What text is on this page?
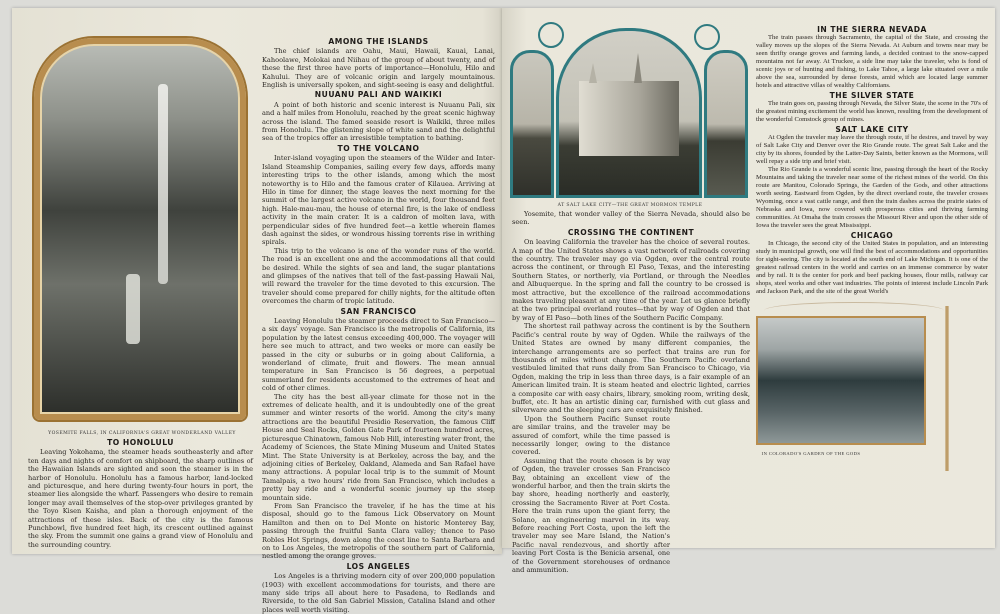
YOSEMITE FALLS, IN CALIFORNIA'S GREAT WONDERLAND VALLEY
TO HONOLULU

Leaving Yokohama, the steamer heads southeasterly and after ten days and nights of comfort on shipboard, the sharp outlines of the Hawaiian Islands are sighted and soon the steamer is in the harbor of Honolulu. Honolulu has a famous harbor, land-locked and picturesque, and here during twenty-four hours in port, the steamer lies alongside the wharf. Passengers who desire to remain longer may avail themselves of the stop-over privileges granted by the Toyo Kisen Kaisha, and plan a thorough enjoyment of the attractions of these isles. Back of the city is the famous Punchbowl, five hundred feet high, its crescent outlined against the sky. From the summit one gains a grand view of Honolulu and the surrounding country.

AMONG THE ISLANDS

The chief islands are Oahu, Maui, Hawaii, Kauai, Lanai, Kahoolawe, Molokai and Niihau of the group of about twenty, and of these the first three have ports of importance—Honolulu, Hilo and Kahului. They are of volcanic origin and largely mountainous. English is universally spoken, and sight-seeing is easy and delightful.

NUUANU PALI AND WAIKIKI

A point of both historic and scenic interest is Nuuanu Pali, six and a half miles from Honolulu, reached by the great scenic highway across the island. The famed seaside resort is Waikiki, three miles from Honolulu. The glistening slope of white sand and the delightful sea of the tropics offer an irresistible temptation to bathing.

TO THE VOLCANO

Inter-island voyaging upon the steamers of the Wilder and Inter-Island Steamship Companies, sailing every few days, affords many interesting trips to the other islands, among which the most noteworthy is to Hilo and the famous crater of Kilauea. Arriving at Hilo in time for dinner, the stage leaves the next morning for the summit of the largest active volcano in the world, four thousand feet high. Hale-mau-mau, the house of eternal fire, is the lake of endless activity in the main crater. It is a caldron of molten lava, with perpendicular sides of five hundred feet—a kettle wherein flames dash against the sides, or wondrous hissing torrents rise in writhing spirals.

This trip to the volcano is one of the wonder runs of the world. The road is an excellent one and the accommodations all that could be desired. While the sights of sea and land, the sugar plantations and glimpses of the natives that tell of the fast-passing Hawaii Nai, will reward the traveler for the time devoted to this excursion. The traveler should come prepared for chilly nights, for the altitude often overcomes the charm of tropic latitude.

SAN FRANCISCO

Leaving Honolulu the steamer proceeds direct to San Francisco—a six days' voyage. San Francisco is the metropolis of California, its population by the latest census exceeding 400,000. The voyager will here see much to attract, and two weeks or more can easily be passed in the city or suburbs or in going about California, a wonderland of climate, fruit and flowers. The mean annual temperature in San Francisco is 56 degrees, a perpetual summerland for residents accustomed to the extremes of heat and cold of other climes.

The city has the best all-year climate for those not in the extremes of delicate health, and it is undoubtedly one of the great summer and winter resorts of the world. Among the city's many attractions are the beautiful Presidio Reservation, the famous Cliff House and Seal Rocks, Golden Gate Park of fourteen hundred acres, picturesque Chinatown, famous Nob Hill, interesting water front, the Academy of Sciences, the State Mining Museum and United States Mint. The State University is at Berkeley, across the bay, and the adjoining cities of Berkeley, Oakland, Alameda and San Rafael have many attractions. A popular local trip is to the summit of Mount Tamalpais, a two hours' ride from San Francisco, which includes a pretty bay ride and a wonderful scenic journey up the steep mountain side.

From San Francisco the traveler, if he has the time at his disposal, should go to the famous Lick Observatory on Mount Hamilton and then on to Del Monte on historic Monterey Bay, passing through the fruitful Santa Clara valley; thence to Paso Robles Hot Springs, down along the coast line to Santa Barbara and on to Los Angeles, the metropolis of the southern part of California, nestled among the orange groves.

LOS ANGELES

Los Angeles is a thriving modern city of over 200,000 population (1903) with excellent accommodations for tourists, and there are many side trips all about here to Pasadena, to Redlands and Riverside, to the old San Gabriel Mission, Catalina Island and other places well worth visiting.

AT SALT LAKE CITY—THE GREAT MORMON TEMPLE

Yosemite, that wonder valley of the Sierra Nevada, should also be seen.

CROSSING THE CONTINENT

On leaving California the traveler has the choice of several routes. A map of the United States shows a vast network of railroads covering the country. The traveler may go via Ogden, over the central route across the continent, or through El Paso, Texas, and the interesting Southern States, or northerly, via Portland, or through the Needles and Albuquerque. In the spring and fall the country to be crossed is most attractive, but the excellence of the railroad accommodations makes traveling pleasant at any time of the year. Let us glance briefly at the two principal overland routes—that by way of Ogden and that by way of El Paso—both lines of the Southern Pacific Company.

The shortest rail pathway across the continent is by the Southern Pacific's central route by way of Ogden. While the railways of the United States are owned by many different companies, the interchange arrangements are so perfect that trains are run for thousands of miles without change. The Southern Pacific overland vestibuled limited that runs daily from San Francisco to Chicago, via Ogden, making the trip in less than three days, is a fair example of an American limited train. It is steam heated and electric lighted, carries a composite car with easy chairs, library, smoking room, writing desk, buffet, etc. It has an artistic dining car, furnished with cut glass and silverware and the sleeping cars are exquisitely finished.

Upon the Southern Pacific Sunset route are similar trains, and the traveler may be assured of comfort, while the time passed is necessarily longer, owing to the distance covered.

Assuming that the route chosen is by way of Ogden, the traveler crosses San Francisco Bay, obtaining an excellent view of the wonderful harbor, and then the train skirts the bay shore, heading northerly and easterly, crossing the Sacramento River at Port Costa. Here the train runs upon the giant ferry, the Solano, an engineering marvel in its way. Before reaching Port Costa, upon the left the traveler may see Mare Island, the Nation's Pacific naval rendezvous, and shortly after leaving Port Costa is the Benicia arsenal, one of the Government storehouses of ordnance and ammunition.

IN THE SIERRA NEVADA

The train passes through Sacramento, the capital of the State, and crossing the valley moves up the slopes of the Sierra Nevada. At Auburn and towns near may be seen thrifty orange groves and farming lands, a decided contrast to the snow-capped mountains not far away. At Truckee, a side line may take the traveler, who is fond of scenic joys or of hunting and fishing, to Lake Tahoe, a large lake situated over a mile above the sea, surrounded by dense forests, amid which are located large summer hotels and attractive villas of wealthy Californians.

THE SILVER STATE

The train goes on, passing through Nevada, the Silver State, the scene in the 70's of the greatest mining excitement the world has known, resulting from the development of the wonderful Comstock group of mines.

SALT LAKE CITY

At Ogden the traveler may leave the through route, if he desires, and travel by way of Salt Lake City and Denver over the Rio Grande route. The great Salt Lake and the city by its shores, founded by the Latter-Day Saints, better known as the Mormons, will well repay a side trip and brief visit.

The Rio Grande is a wonderful scenic line, passing through the heart of the Rocky Mountains and taking the traveler near some of the richest mines of the world. On this route are Manitou, Colorado Springs, the Garden of the Gods, and other attractions worth seeing. Eastward from Ogden, by the direct overland route, the traveler crosses Wyoming, once a vast cattle range, and then the train dashes across the prairie states of Nebraska and Iowa, now covered with prosperous cities and thriving farming communities. At Omaha the train crosses the Missouri River and upon the other side of Iowa the traveler sees the great Mississippi.

CHICAGO

In Chicago, the second city of the United States in population, and an interesting study in municipal growth, one will find the best of accommodations and opportunities for sight-seeing. The city is located at the south end of Lake Michigan. It is one of the greatest railroad centers in the world and carries on an immense commerce by water and by rail. It is the center for pork and beef packing houses, flour mills, railway car shops, steel works and other vast industries. The points of interest include Lincoln Park and Jackson Park, and the site of the great World's

IN COLORADO'S GARDEN OF THE GODS
